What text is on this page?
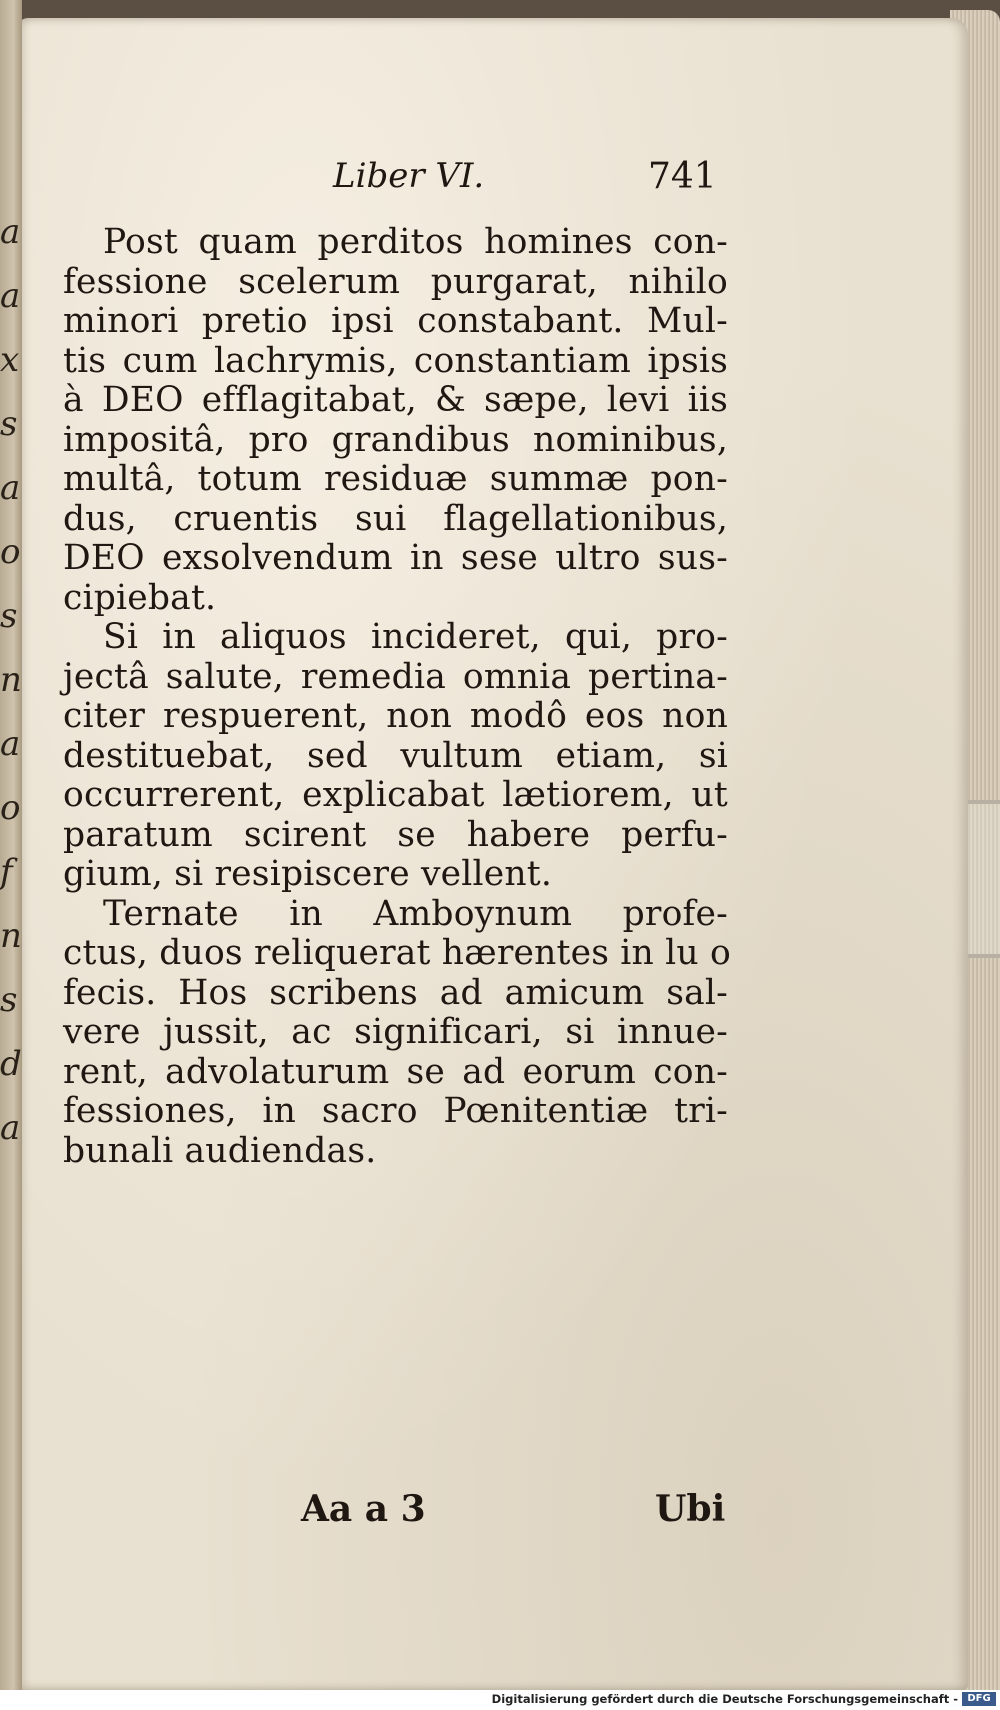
Liber VI.	741
Post quam perditos homines con-
fessione scelerum purgarat, nihilo
minori pretio ipsi constabant. Mul-
tis cum lachrymis, constantiam ipsis
à DEO efflagitabat, & sæpe, levi iis
impositâ, pro grandibus nominibus,
multâ, totum residuæ summæ pon-
dus, cruentis sui flagellationibus,
DEO exsolvendum in sese ultro sus-
cipiebat.
Si in aliquos incideret, qui, pro-
jectâ salute, remedia omnia pertina-
citer respuerent, non modô eos non
destituebat, sed vultum etiam, si
occurrerent, explicabat lætiorem, ut
paratum scirent se habere perfu-
gium, si resipiscere vellent.
Ternate in Amboynum profe-
ctus, duos reliquerat hærentes in lu o
fecis. Hos scribens ad amicum sal-
vere jussit, ac significari, si innue-
rent, advolaturum se ad eorum con-
fessiones, in sacro Pœnitentiæ tri-
bunali audiendas.
Aa a 3	Ubi
a
a
x
s
a
o
s
n
a
o
f
n
s
d
a
Digitalisierung gefördert durch die Deutsche Forschungsgemeinschaft - DFG
